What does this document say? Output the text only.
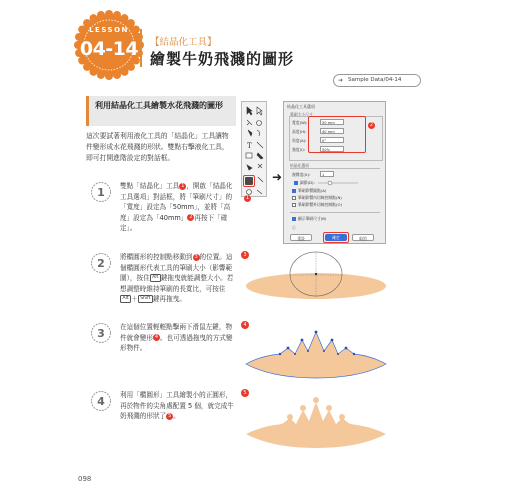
LESSON
04-14	【結晶化工具】
繪製牛奶飛濺的圖形
➜ Sample Data/04-14
利用結晶化工具繪製水花飛濺的圖形
這次要試著利用液化工具的「結晶化」工具讓物件變形成水花飛濺的形狀。雙點右擊液化工具，即可打開進階設定的對話框。
1 雙點「結晶化」工具 1 ，開啟「結晶化工具選項」對話框，將「筆刷尺寸」的「寬度」設定為「50mm」，並將「高度」設定為「40mm」 2 再按下「確定」。
2 將橢圓形的控制點移動到 3 的位置。這個橢圓形代表工具的筆刷大小（影響範圍），按住 Alt 鍵拖曳就能調整大小。若想調整時維持筆刷的長寬比，可按住Alt ＋ Shift 鍵再拖曳。
3 在這個位置輕輕點擊兩下滑鼠左鍵，物件就會變形 4 。也可透過拖曳的方式變形物件。
4 利用「橢圓形」工具繪製小的正圓形，再於物件的尖角處配置 5 個，就完成牛奶飛濺的形狀了 5 。
T
1
➜
結晶化工具選項
筆刷大小尺寸
寬度(W):	50 mm
高度(H):	40 mm
角度(A):	0°
強度(I):	50%
2
結晶化選項
複雜度(X):	1
細節(D):
筆刷影響錨點(A)
筆刷影響內切線控制點(N)
筆刷影響外切線控制點(O)
顯示筆刷尺寸(B)
ⓘ
重設	確定	取消
3
4
5
098
